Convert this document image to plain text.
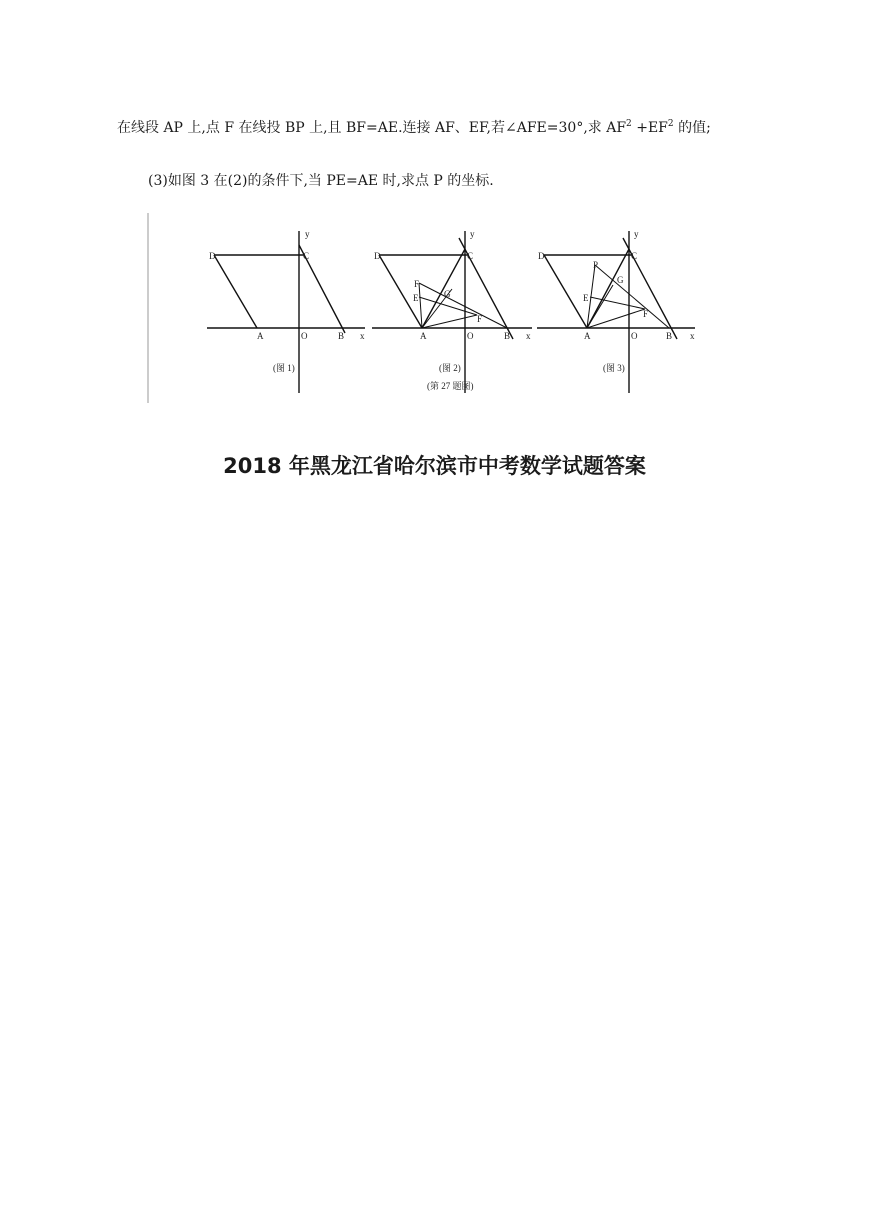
在线段 AP 上,点 F 在线投 BP 上,且 BF=AE.连接 AF、EF,若∠AFE=30°,求 $AF^2 +EF^2$ 的值;
(3)如图 3 在(2)的条件下,当 PE=AE 时,求点 P 的坐标.
D	C
y
A	O	B x
(图 1)
D	C
y
F
E	G
F
A	O	B x
(图 2)
(第 27 题图)
D	C
y
P
G
E
F
A	O	B x
(图 3)
2018 年黑龙江省哈尔滨市中考数学试题答案
